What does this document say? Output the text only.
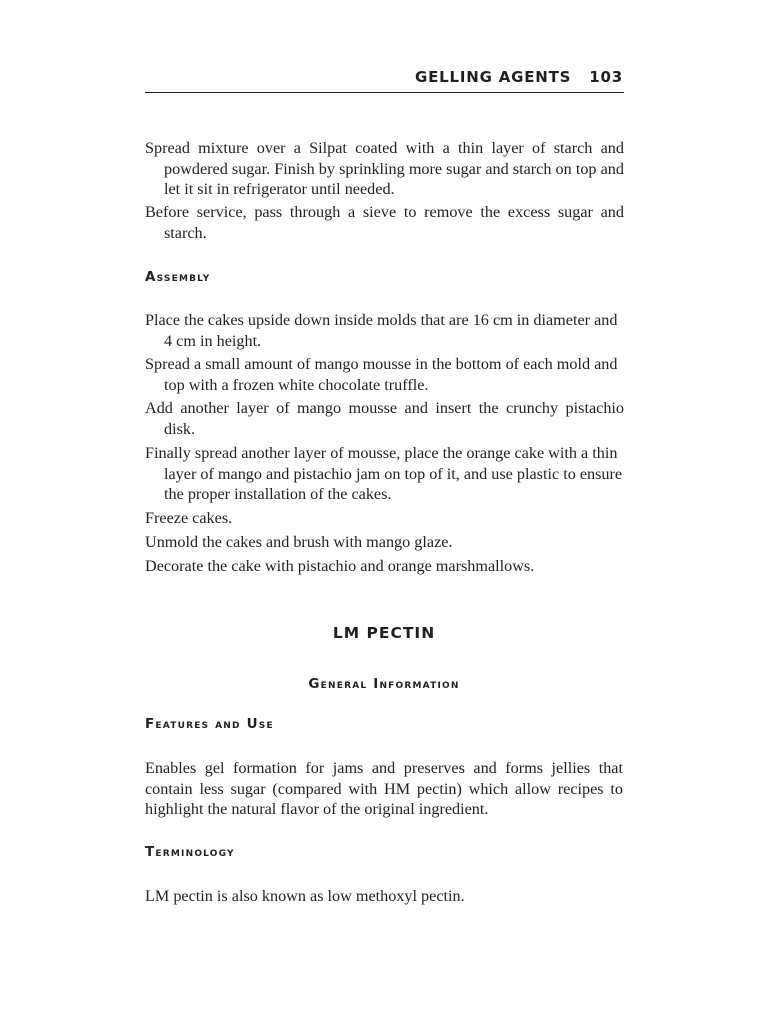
GELLING AGENTS 103

Spread mixture over a Silpat coated with a thin layer of starch and powdered sugar. Finish by sprinkling more sugar and starch on top and let it sit in refrigerator until needed.

Before service, pass through a sieve to remove the excess sugar and starch.

Assembly

Place the cakes upside down inside molds that are 16 cm in diameter and 4 cm in height.

Spread a small amount of mango mousse in the bottom of each mold and top with a frozen white chocolate truffle.

Add another layer of mango mousse and insert the crunchy pistachio disk.

Finally spread another layer of mousse, place the orange cake with a thin layer of mango and pistachio jam on top of it, and use plastic to ensure the proper installation of the cakes.

Freeze cakes.

Unmold the cakes and brush with mango glaze.

Decorate the cake with pistachio and orange marshmallows.

LM PECTIN
General Information
Features and Use

Enables gel formation for jams and preserves and forms jellies that contain less sugar (compared with HM pectin) which allow recipes to highlight the natural flavor of the original ingredient.

Terminology

LM pectin is also known as low methoxyl pectin.
